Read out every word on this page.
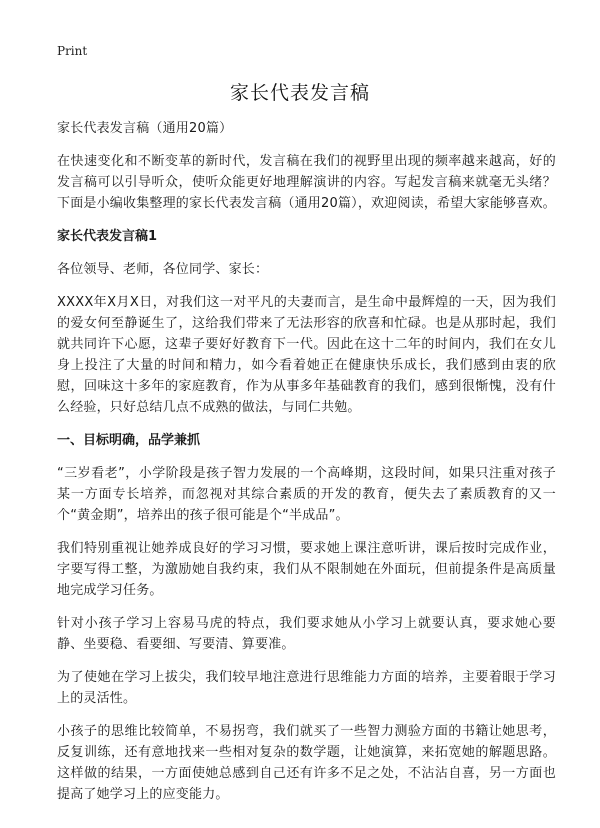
Print
家长代表发言稿

家长代表发言稿（通用20篇）

在快速变化和不断变革的新时代，发言稿在我们的视野里出现的频率越来越高，好的发言稿可以引导听众，使听众能更好地理解演讲的内容。写起发言稿来就毫无头绪？下面是小编收集整理的家长代表发言稿（通用20篇），欢迎阅读，希望大家能够喜欢。

家长代表发言稿1

各位领导、老师，各位同学、家长：

XXXX年X月X日，对我们这一对平凡的夫妻而言，是生命中最辉煌的一天，因为我们的爱女何至静诞生了，这给我们带来了无法形容的欣喜和忙碌。也是从那时起，我们就共同许下心愿，这辈子要好好教育下一代。因此在这十二年的时间内，我们在女儿身上投注了大量的时间和精力，如今看着她正在健康快乐成长，我们感到由衷的欣慰，回味这十多年的家庭教育，作为从事多年基础教育的我们，感到很惭愧，没有什么经验，只好总结几点不成熟的做法，与同仁共勉。

一、目标明确，品学兼抓

“三岁看老”，小学阶段是孩子智力发展的一个高峰期，这段时间，如果只注重对孩子某一方面专长培养，而忽视对其综合素质的开发的教育，便失去了素质教育的又一个“黄金期”，培养出的孩子很可能是个“半成品”。

我们特别重视让她养成良好的学习习惯，要求她上课注意听讲，课后按时完成作业，字要写得工整，为激励她自我约束，我们从不限制她在外面玩，但前提条件是高质量地完成学习任务。

针对小孩子学习上容易马虎的特点，我们要求她从小学习上就要认真，要求她心要静、坐要稳、看要细、写要清、算要准。

为了使她在学习上拔尖，我们较早地注意进行思维能力方面的培养，主要着眼于学习上的灵活性。

小孩子的思维比较简单，不易拐弯，我们就买了一些智力测验方面的书籍让她思考，反复训练，还有意地找来一些相对复杂的数学题，让她演算，来拓宽她的解题思路。这样做的结果，一方面使她总感到自己还有许多不足之处，不沾沾自喜，另一方面也提高了她学习上的应变能力。
